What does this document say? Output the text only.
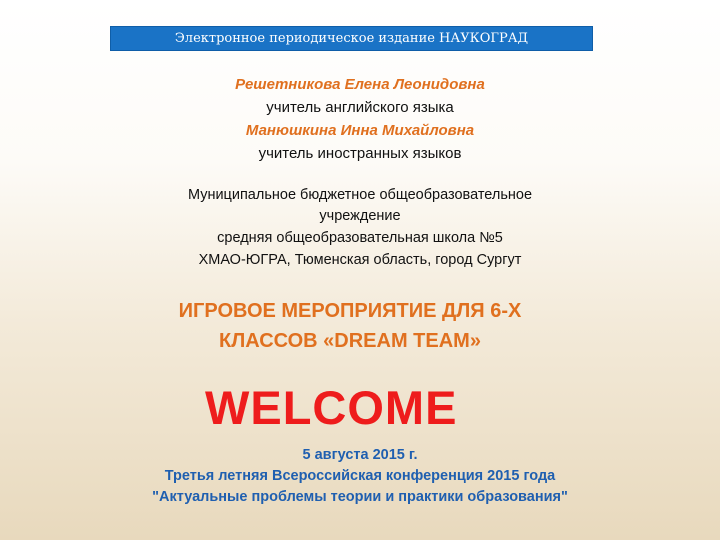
Электронное периодическое издание НАУКОГРАД
Решетникова Елена Леонидовна
учитель английского языка
Манюшкина Инна Михайловна
учитель иностранных языков
Муниципальное бюджетное общеобразовательное
учреждение
средняя общеобразовательная школа №5
ХМАО-ЮГРА, Тюменская область, город Сургут
ИГРОВОЕ МЕРОПРИЯТИЕ ДЛЯ 6-Х
КЛАССОВ «DREAM TEAM»
WELCOME
5 августа 2015 г.
Третья летняя Всероссийская конференция 2015 года
"Актуальные проблемы теории и практики образования"
